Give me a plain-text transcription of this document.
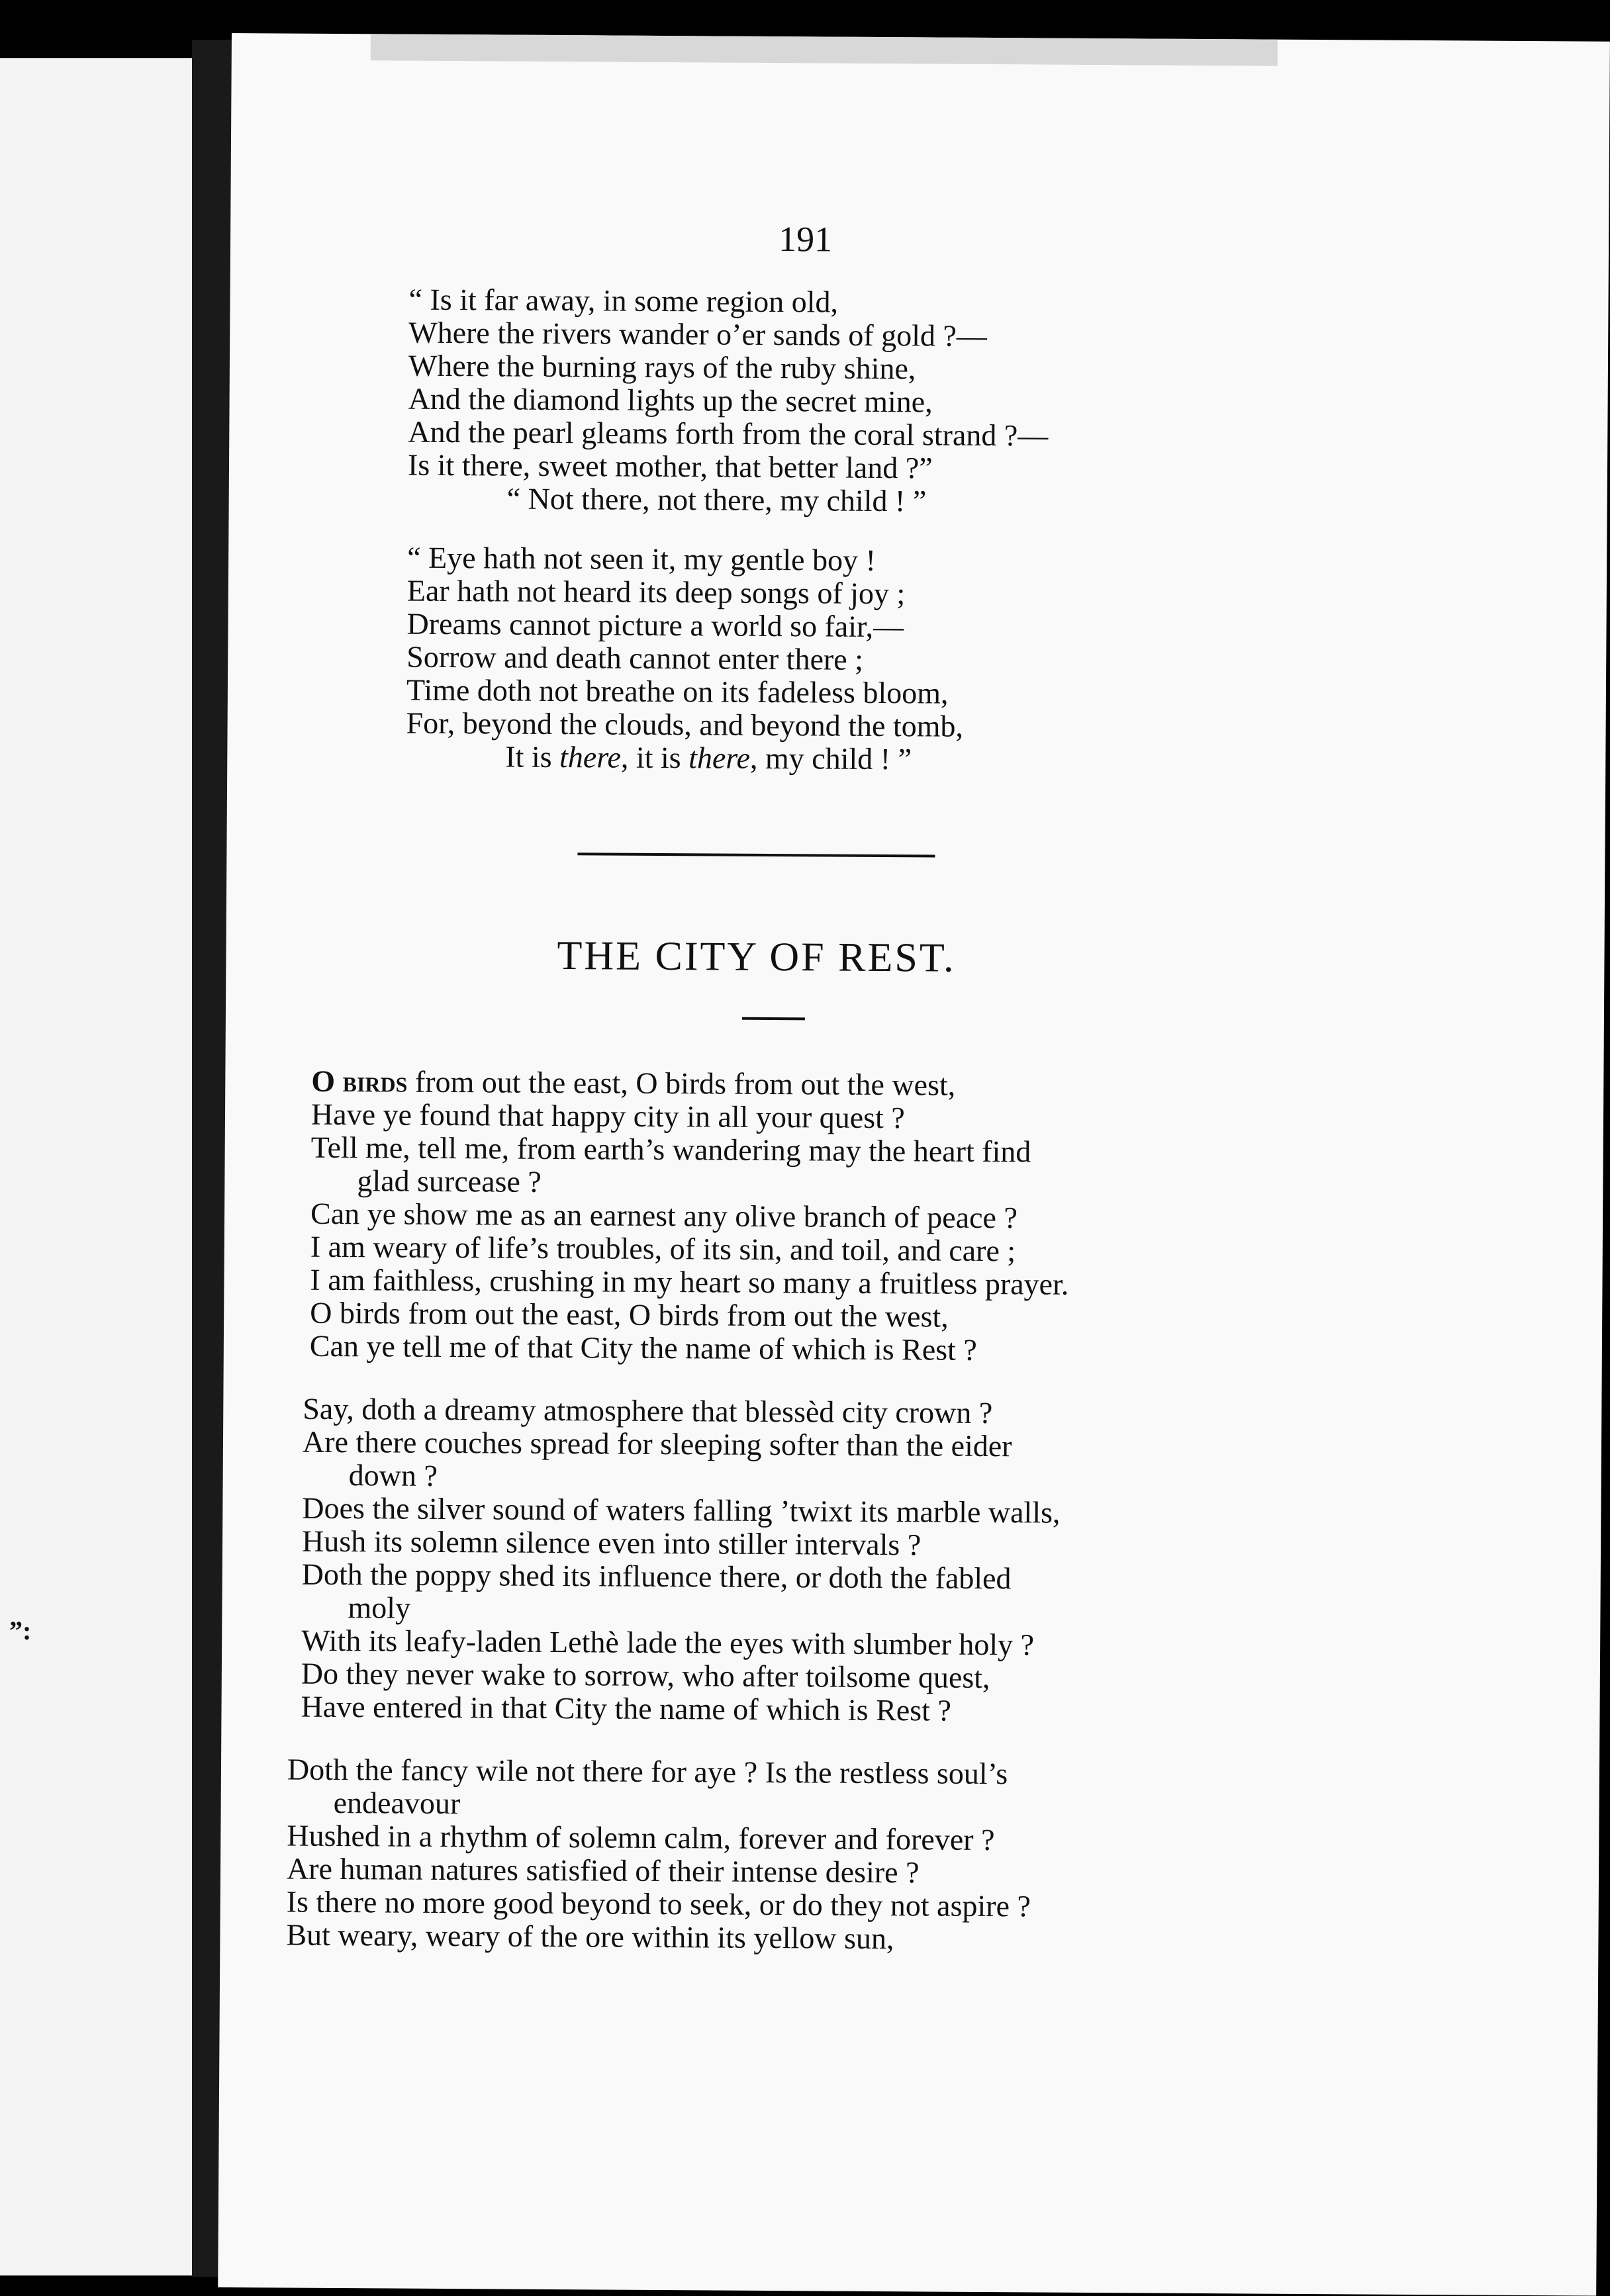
”:
191
“ Is it far away, in some region old,
Where the rivers wander o’er sands of gold ?—
Where the burning rays of the ruby shine,
And the diamond lights up the secret mine,
And the pearl gleams forth from the coral strand ?—
Is it there, sweet mother, that better land ?”
“ Not there, not there, my child ! ”
“ Eye hath not seen it, my gentle boy !
Ear hath not heard its deep songs of joy ;
Dreams cannot picture a world so fair,—
Sorrow and death cannot enter there ;
Time doth not breathe on its fadeless bloom,
For, beyond the clouds, and beyond the tomb,
It is there, it is there, my child ! ”
THE CITY OF REST.
O birds from out the east, O birds from out the west,
Have ye found that happy city in all your quest ?
Tell me, tell me, from earth’s wandering may the heart find
glad surcease ?
Can ye show me as an earnest any olive branch of peace ?
I am weary of life’s troubles, of its sin, and toil, and care ;
I am faithless, crushing in my heart so many a fruitless prayer.
O birds from out the east, O birds from out the west,
Can ye tell me of that City the name of which is Rest ?
Say, doth a dreamy atmosphere that blessèd city crown ?
Are there couches spread for sleeping softer than the eider
down ?
Does the silver sound of waters falling ’twixt its marble walls,
Hush its solemn silence even into stiller intervals ?
Doth the poppy shed its influence there, or doth the fabled
moly
With its leafy-laden Lethè lade the eyes with slumber holy ?
Do they never wake to sorrow, who after toilsome quest,
Have entered in that City the name of which is Rest ?
Doth the fancy wile not there for aye ? Is the restless soul’s
endeavour
Hushed in a rhythm of solemn calm, forever and forever ?
Are human natures satisfied of their intense desire ?
Is there no more good beyond to seek, or do they not aspire ?
But weary, weary of the ore within its yellow sun,
